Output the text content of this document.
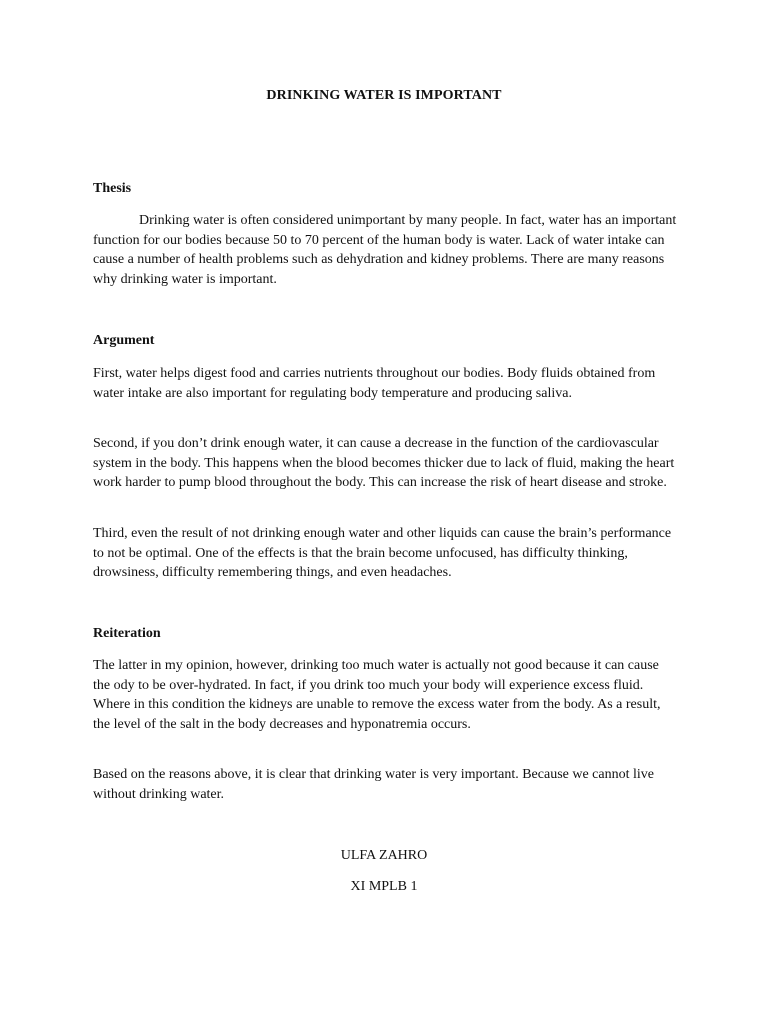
DRINKING WATER IS IMPORTANT
Thesis

Drinking water is often considered unimportant by many people. In fact, water has an important function for our bodies because 50 to 70 percent of the human body is water. Lack of water intake can cause a number of health problems such as dehydration and kidney problems. There are many reasons why drinking water is important.

Argument

First, water helps digest food and carries nutrients throughout our bodies. Body fluids obtained from water intake are also important for regulating body temperature and producing saliva.

Second, if you don’t drink enough water, it can cause a decrease in the function of the cardiovascular system in the body. This happens when the blood becomes thicker due to lack of fluid, making the heart work harder to pump blood throughout the body. This can increase the risk of heart disease and stroke.

Third, even the result of not drinking enough water and other liquids can cause the brain’s performance to not be optimal. One of the effects is that the brain become unfocused, has difficulty thinking, drowsiness, difficulty remembering things, and even headaches.

Reiteration

The latter in my opinion, however, drinking too much water is actually not good because it can cause the ody to be over-hydrated. In fact, if you drink too much your body will experience excess fluid. Where in this condition the kidneys are unable to remove the excess water from the body. As a result, the level of the salt in the body decreases and hyponatremia occurs.

Based on the reasons above, it is clear that drinking water is very important. Because we cannot live without drinking water.

ULFA ZAHRO
XI MPLB 1
